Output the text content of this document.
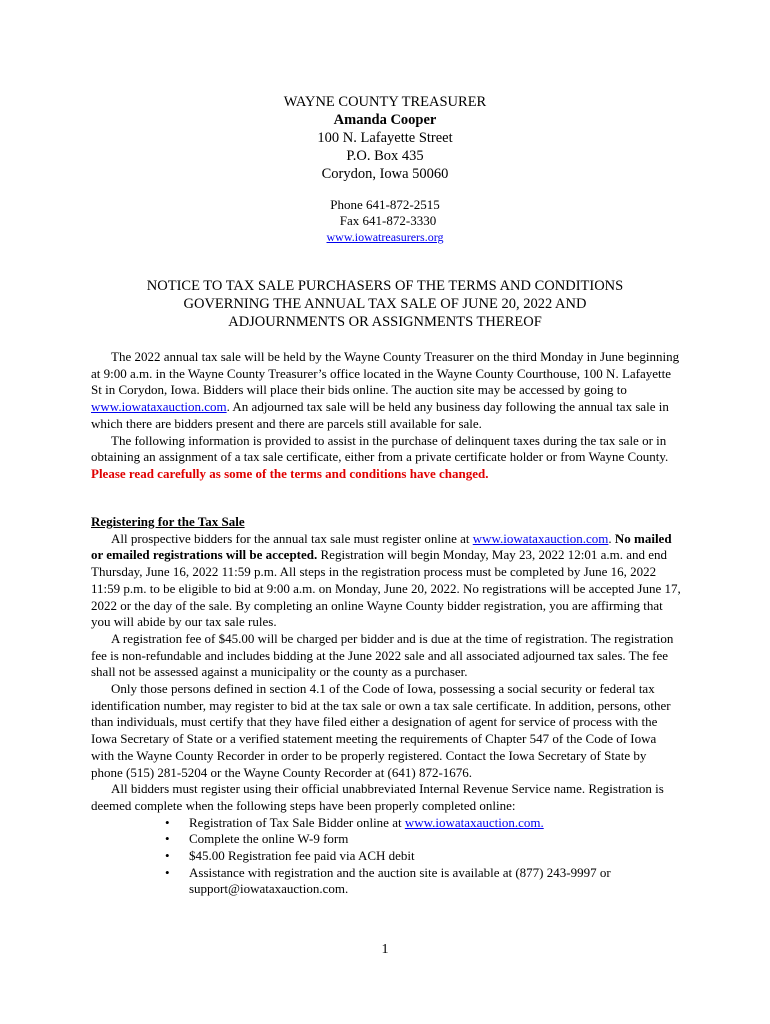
WAYNE COUNTY TREASURER
Amanda Cooper
100 N. Lafayette Street
P.O. Box 435
Corydon, Iowa 50060
Phone 641-872-2515
Fax 641-872-3330
www.iowatreasurers.org
NOTICE TO TAX SALE PURCHASERS OF THE TERMS AND CONDITIONS
GOVERNING THE ANNUAL TAX SALE OF JUNE 20, 2022 AND
ADJOURNMENTS OR ASSIGNMENTS THEREOF

The 2022 annual tax sale will be held by the Wayne County Treasurer on the third Monday in June beginning at 9:00 a.m. in the Wayne County Treasurer’s office located in the Wayne County Courthouse, 100 N. Lafayette St in Corydon, Iowa. Bidders will place their bids online. The auction site may be accessed by going to www.iowataxauction.com. An adjourned tax sale will be held any business day following the annual tax sale in which there are bidders present and there are parcels still available for sale.

The following information is provided to assist in the purchase of delinquent taxes during the tax sale or in obtaining an assignment of a tax sale certificate, either from a private certificate holder or from Wayne County. Please read carefully as some of the terms and conditions have changed.

Registering for the Tax Sale

All prospective bidders for the annual tax sale must register online at www.iowataxauction.com. No mailed or emailed registrations will be accepted. Registration will begin Monday, May 23, 2022 12:01 a.m. and end Thursday, June 16, 2022 11:59 p.m. All steps in the registration process must be completed by June 16, 2022 11:59 p.m. to be eligible to bid at 9:00 a.m. on Monday, June 20, 2022. No registrations will be accepted June 17, 2022 or the day of the sale. By completing an online Wayne County bidder registration, you are affirming that you will abide by our tax sale rules.

A registration fee of $45.00 will be charged per bidder and is due at the time of registration. The registration fee is non-refundable and includes bidding at the June 2022 sale and all associated adjourned tax sales. The fee shall not be assessed against a municipality or the county as a purchaser.

Only those persons defined in section 4.1 of the Code of Iowa, possessing a social security or federal tax identification number, may register to bid at the tax sale or own a tax sale certificate. In addition, persons, other than individuals, must certify that they have filed either a designation of agent for service of process with the Iowa Secretary of State or a verified statement meeting the requirements of Chapter 547 of the Code of Iowa with the Wayne County Recorder in order to be properly registered. Contact the Iowa Secretary of State by phone (515) 281-5204 or the Wayne County Recorder at (641) 872-1676.

All bidders must register using their official unabbreviated Internal Revenue Service name. Registration is deemed complete when the following steps have been properly completed online:

• Registration of Tax Sale Bidder online at www.iowataxauction.com.
• Complete the online W-9 form
• $45.00 Registration fee paid via ACH debit
• Assistance with registration and the auction site is available at (877) 243-9997 or support@iowataxauction.com.
1
